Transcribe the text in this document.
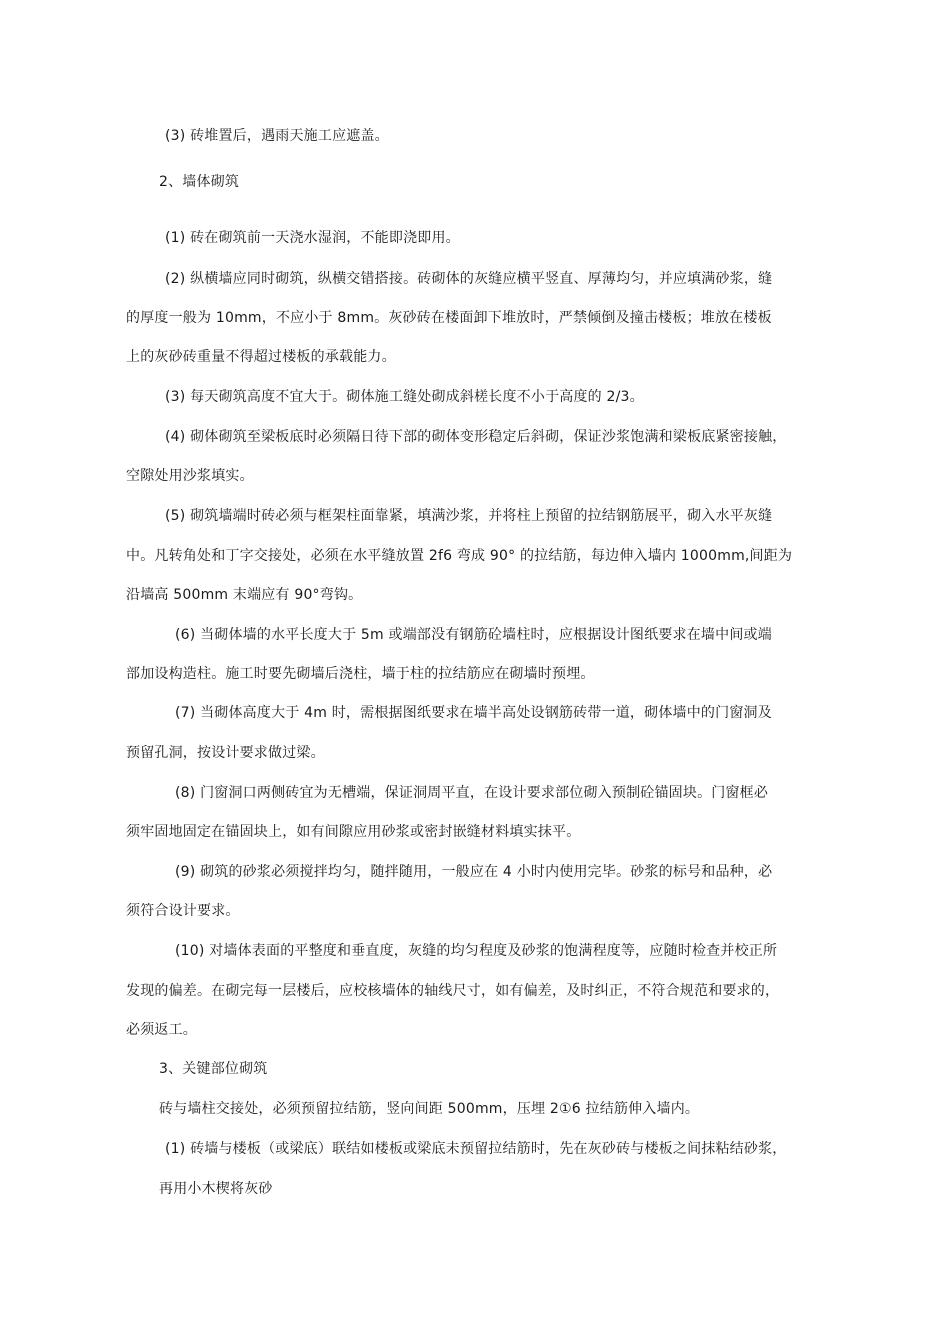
(3) 砖堆置后，遇雨天施工应遮盖。
2、墙体砌筑
(1) 砖在砌筑前一天浇水湿润，不能即浇即用。
(2) 纵横墙应同时砌筑，纵横交错搭接。砖砌体的灰缝应横平竖直、厚薄均匀，并应填满砂浆，缝
的厚度一般为 10mm，不应小于 8mm。灰砂砖在楼面卸下堆放时，严禁倾倒及撞击楼板；堆放在楼板
上的灰砂砖重量不得超过楼板的承载能力。
(3) 每天砌筑高度不宜大于。砌体施工缝处砌成斜槎长度不小于高度的 2/3。
(4) 砌体砌筑至梁板底时必须隔日待下部的砌体变形稳定后斜砌，保证沙浆饱满和梁板底紧密接触，
空隙处用沙浆填实。
(5) 砌筑墙端时砖必须与框架柱面靠紧，填满沙浆，并将柱上预留的拉结钢筋展平，砌入水平灰缝
中。凡转角处和丁字交接处，必须在水平缝放置 2f6 弯成 90° 的拉结筋，每边伸入墙内 1000mm,间距为
沿墙高 500mm 末端应有 90°弯钩。
(6) 当砌体墙的水平长度大于 5m 或端部没有钢筋砼墙柱时，应根据设计图纸要求在墙中间或端
部加设构造柱。施工时要先砌墙后浇柱，墙于柱的拉结筋应在砌墙时预埋。
(7) 当砌体高度大于 4m 时，需根据图纸要求在墙半高处设钢筋砖带一道，砌体墙中的门窗洞及
预留孔洞，按设计要求做过梁。
(8) 门窗洞口两侧砖宜为无槽端，保证洞周平直，在设计要求部位砌入预制砼锚固块。门窗框必
须牢固地固定在锚固块上，如有间隙应用砂浆或密封嵌缝材料填实抹平。
(9) 砌筑的砂浆必须搅拌均匀，随拌随用，一般应在 4 小时内使用完毕。砂浆的标号和品种，必
须符合设计要求。
(10) 对墙体表面的平整度和垂直度，灰缝的均匀程度及砂浆的饱满程度等，应随时检查并校正所
发现的偏差。在砌完每一层楼后，应校核墙体的轴线尺寸，如有偏差，及时纠正，不符合规范和要求的，
必须返工。
3、关键部位砌筑
砖与墙柱交接处，必须预留拉结筋，竖向间距 500mm，压埋 2①6 拉结筋伸入墙内。
(1) 砖墙与楼板（或梁底）联结如楼板或梁底未预留拉结筋时，先在灰砂砖与楼板之间抹粘结砂浆，
再用小木楔将灰砂
